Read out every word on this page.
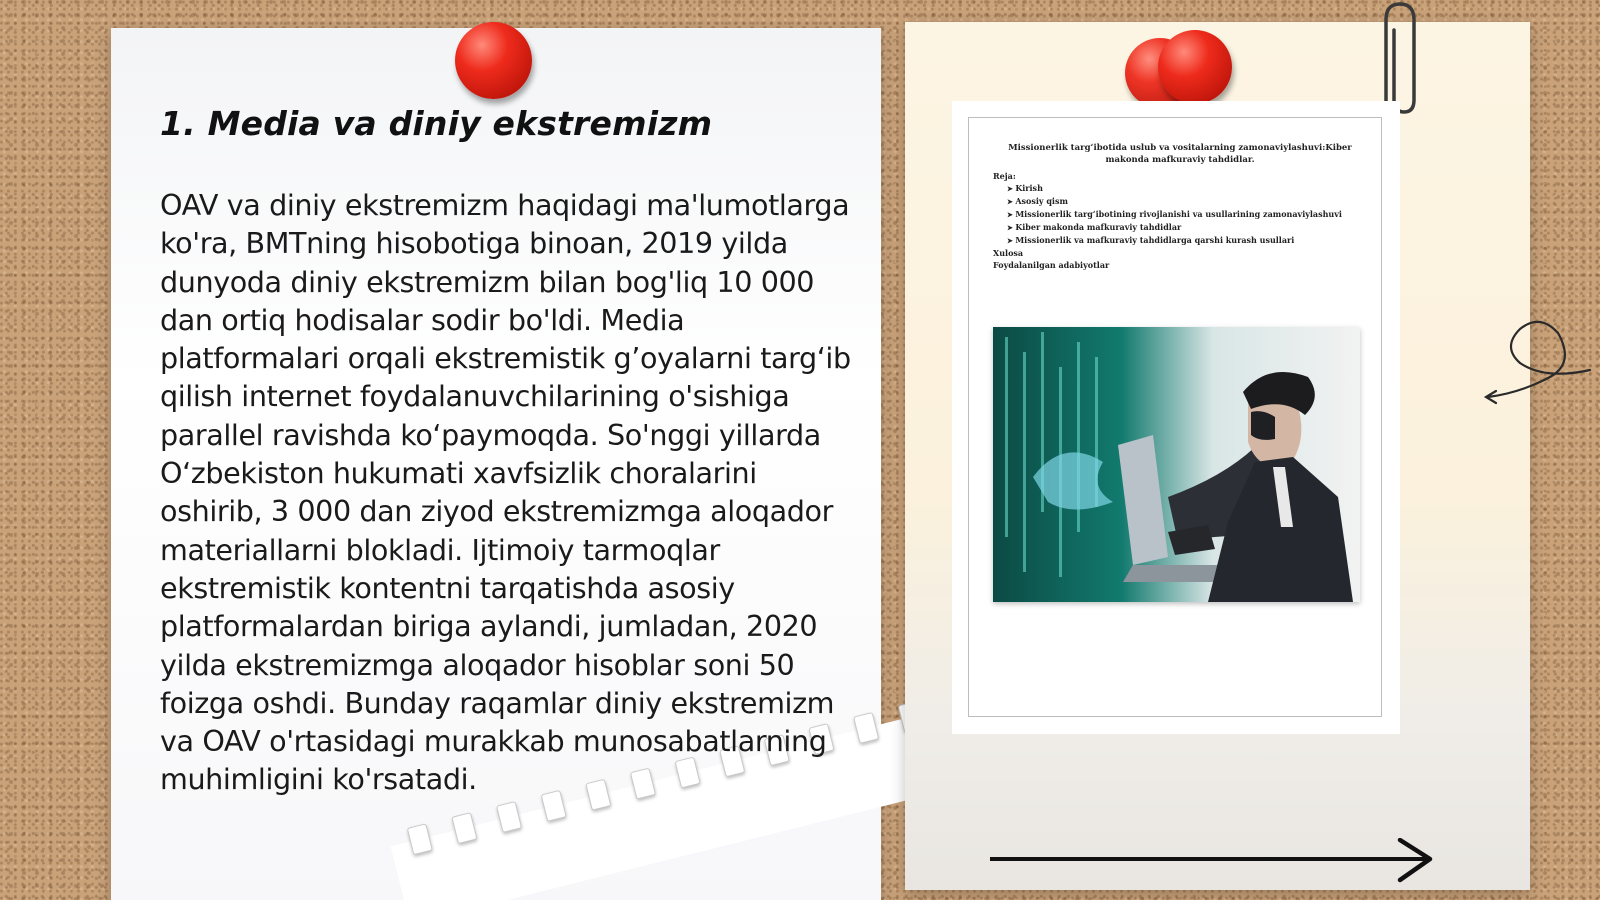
1. Media va diniy ekstremizm
OAV va diniy ekstremizm haqidagi ma'lumotlarga ko'ra, BMTning hisobotiga binoan, 2019 yilda dunyoda diniy ekstremizm bilan bog'liq 10 000 dan ortiq hodisalar sodir bo'ldi. Media platformalari orqali ekstremistik g’oyalarni targ‘ib qilish internet foydalanuvchilarining o'sishiga parallel ravishda ko‘paymoqda. So'nggi yillarda O‘zbekiston hukumati xavfsizlik choralarini oshirib, 3 000 dan ziyod ekstremizmga aloqador materiallarni blokladi. Ijtimoiy tarmoqlar ekstremistik kontentni tarqatishda asosiy platformalardan biriga aylandi, jumladan, 2020 yilda ekstremizmga aloqador hisoblar soni 50 foizga oshdi. Bunday raqamlar diniy ekstremizm va OAV o'rtasidagi murakkab munosabatlarning muhimligini ko'rsatadi.
Missionerlik targ‘ibotida uslub va vositalarning zamonaviylashuvi:Kiber makonda mafkuraviy tahdidlar.
Reja:
➤ Kirish
➤ Asosiy qism
➤ Missionerlik targ‘ibotining rivojlanishi va usullarining zamonaviylashuvi
➤ Kiber makonda mafkuraviy tahdidlar
➤ Missionerlik va mafkuraviy tahdidlarga qarshi kurash usullari
Xulosa
Foydalanilgan adabiyotlar
